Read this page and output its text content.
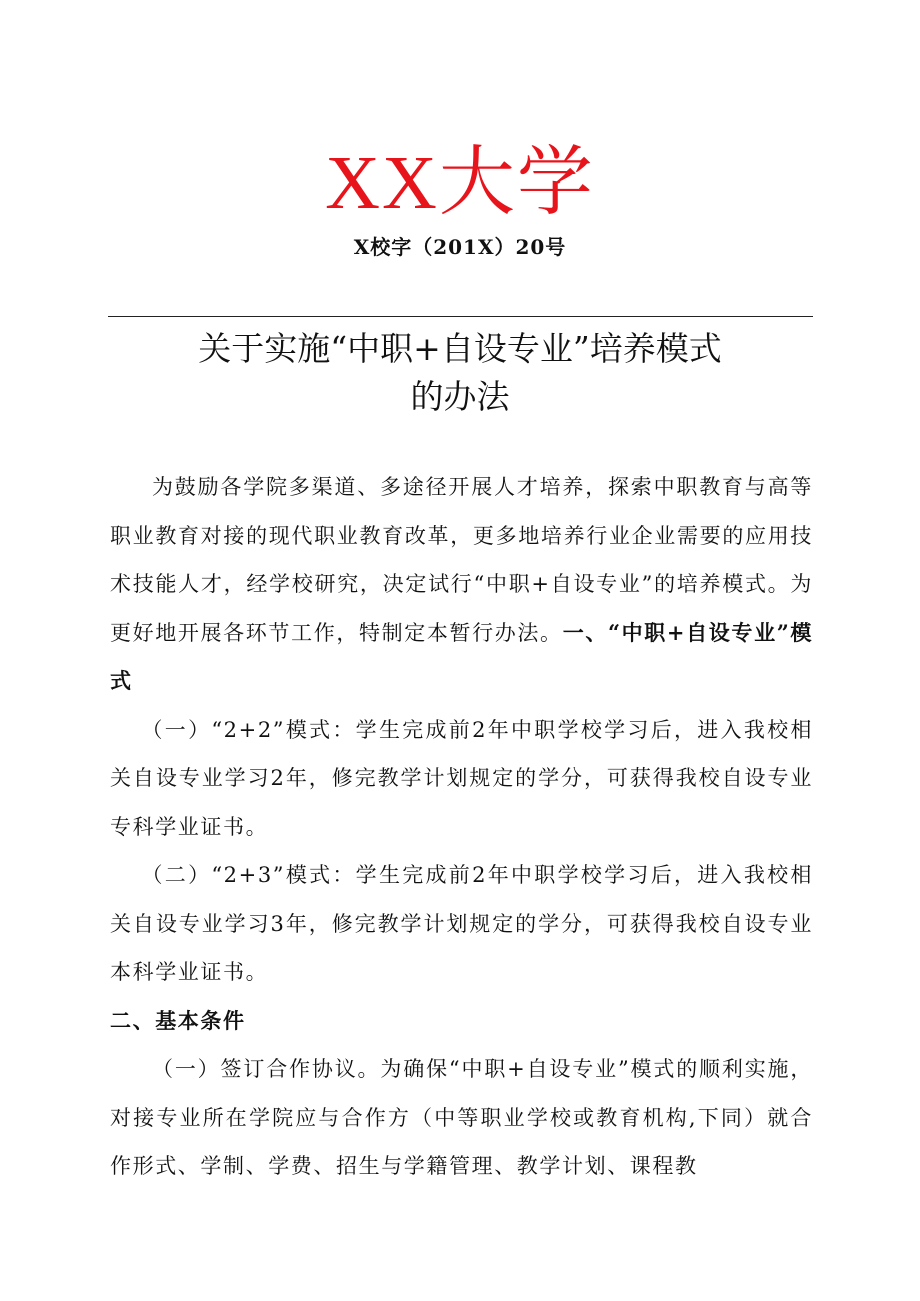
XX大学
X校字（201X）20号
关于实施“中职+自设专业”培养模式
的办法

为鼓励各学院多渠道、多途径开展人才培养，探索中职教育与高等职业教育对接的现代职业教育改革，更多地培养行业企业需要的应用技术技能人才，经学校研究，决定试行“中职+自设专业”的培养模式。为更好地开展各环节工作，特制定本暂行办法。一、“中职+自设专业”模式

（一）“2+2”模式：学生完成前2年中职学校学习后，进入我校相关自设专业学习2年，修完教学计划规定的学分，可获得我校自设专业专科学业证书。

（二）“2+3”模式：学生完成前2年中职学校学习后，进入我校相关自设专业学习3年，修完教学计划规定的学分，可获得我校自设专业本科学业证书。

二、基本条件

（一）签订合作协议。为确保“中职+自设专业”模式的顺利实施，对接专业所在学院应与合作方（中等职业学校或教育机构,下同）就合作形式、学制、学费、招生与学籍管理、教学计划、课程教
